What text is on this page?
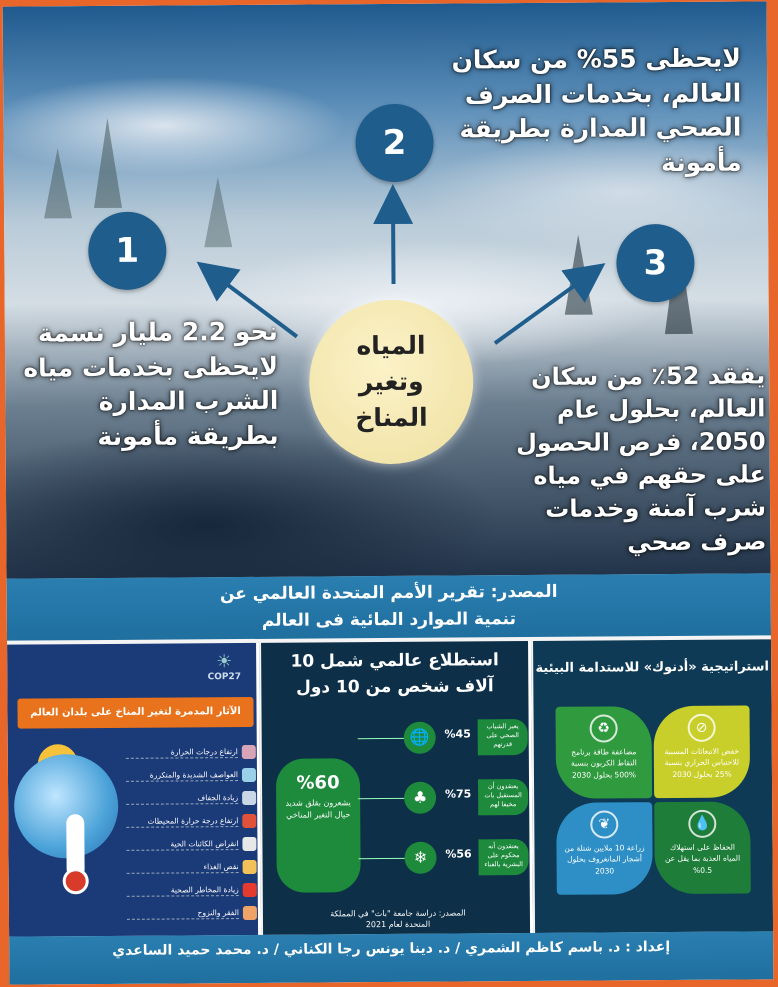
1
2
3
المياه وتغير المناخ
لايحظى 55% من سكان العالم، بخدمات الصرف الصحي المدارة بطريقة مأمونة
نحو 2.2 مليار نسمة لايحظى بخدمات مياه الشرب المدارة بطريقة مأمونة
يفقد 52٪ من سكان العالم، بحلول عام 2050، فرص الحصول على حقهم في مياه شرب آمنة وخدمات صرف صحي
المصدر: تقرير الأمم المتحدة العالمي عن
تنمية الموارد المائية فى العالم
☀
COP27
الآثار المدمرة لتغير المناخ على بلدان العالم
ارتفاع درجات الحرارة
العواصف الشديدة والمتكررة
زيادة الجفاف
ارتفاع درجة حرارة المحيطات
انقراض الكائنات الحية
نقص الغذاء
زيادة المخاطر الصحية
الفقر والنزوح
استطلاع عالمي شمل 10 آلاف شخص من 10 دول
%60
يشعرون بقلق شديد حيال التغير المناخي
🌐	%45
يعبر الشباب الصحي على قدرتهم
♣	%75
يعتقدون أن المستقبل بات مخيفا لهم
❄	%56
يعتقدون أنه محكوم على البشرية بالفناء
المصدر: دراسة جامعة "باث" في المملكة المتحدة لعام 2021
استراتيجية «أدنوك» للاستدامة البيئية
⊘
خفض الانبعاثات المسببة للاحتباس الحراري بنسبة %25 بحلول 2030
♻
مضاعفة طاقة برنامج التقاط الكربون بنسبة %500 بحلول 2030
❦
زراعة 10 ملايين شتلة من أشجار المانغروف بحلول 2030
💧
الحفاظ على استهلاك المياه العذبة بما يقل عن 0.5%
إعداد : د. باسم كاظم الشمري / د. دينا يونس رجا الكناني / د. محمد حميد الساعدي
